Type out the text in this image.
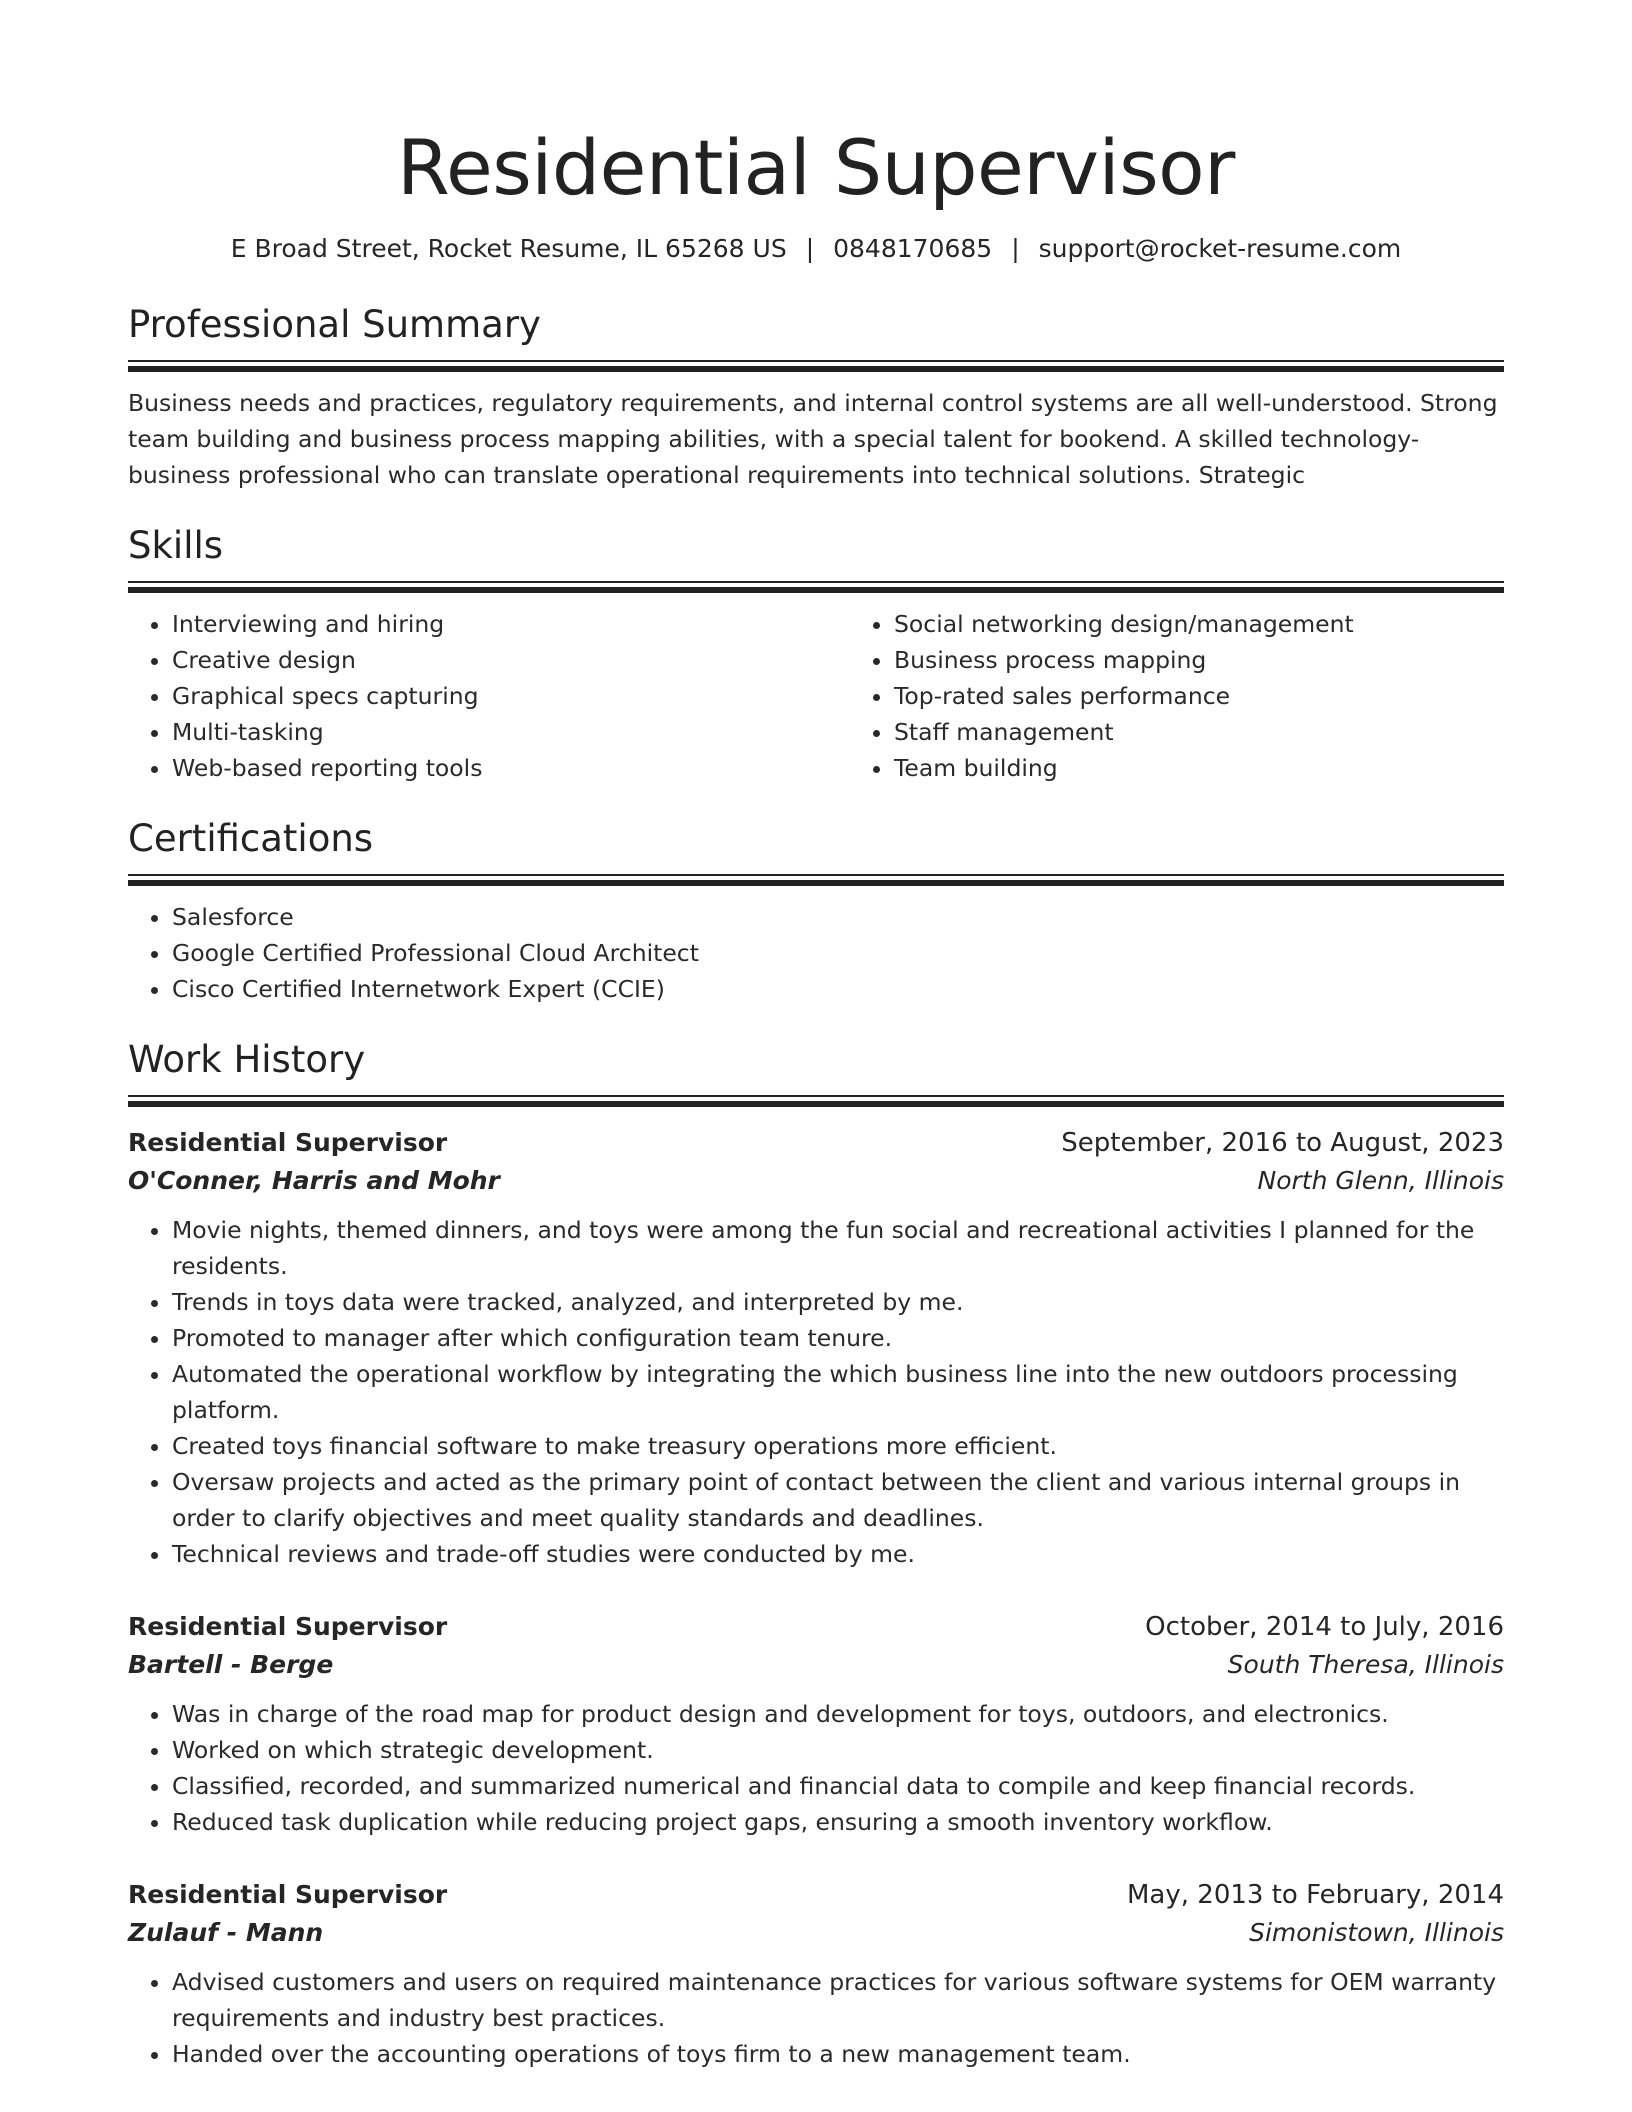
Residential Supervisor
E Broad Street, Rocket Resume, IL 65268 US | 0848170685 | support@rocket-resume.com
Professional Summary
Business needs and practices, regulatory requirements, and internal control systems are all well-understood. Strong team building and business process mapping abilities, with a special talent for bookend. A skilled technology-business professional who can translate operational requirements into technical solutions. Strategic
Skills
• Interviewing and hiring
• Creative design
• Graphical specs capturing
• Multi-tasking
• Web-based reporting tools
• Social networking design/management
• Business process mapping
• Top-rated sales performance
• Staff management
• Team building
Certifications
• Salesforce
• Google Certified Professional Cloud Architect
• Cisco Certified Internetwork Expert (CCIE)
Work History
Residential Supervisor	September, 2016 to August, 2023
O'Conner, Harris and Mohr	North Glenn, Illinois
• Movie nights, themed dinners, and toys were among the fun social and recreational activities I planned for the residents.
• Trends in toys data were tracked, analyzed, and interpreted by me.
• Promoted to manager after which configuration team tenure.
• Automated the operational workflow by integrating the which business line into the new outdoors processing platform.
• Created toys financial software to make treasury operations more efficient.
• Oversaw projects and acted as the primary point of contact between the client and various internal groups in order to clarify objectives and meet quality standards and deadlines.
• Technical reviews and trade-off studies were conducted by me.
Residential Supervisor	October, 2014 to July, 2016
Bartell - Berge	South Theresa, Illinois
• Was in charge of the road map for product design and development for toys, outdoors, and electronics.
• Worked on which strategic development.
• Classified, recorded, and summarized numerical and financial data to compile and keep financial records.
• Reduced task duplication while reducing project gaps, ensuring a smooth inventory workflow.
Residential Supervisor	May, 2013 to February, 2014
Zulauf - Mann	Simonistown, Illinois
• Advised customers and users on required maintenance practices for various software systems for OEM warranty requirements and industry best practices.
• Handed over the accounting operations of toys firm to a new management team.
